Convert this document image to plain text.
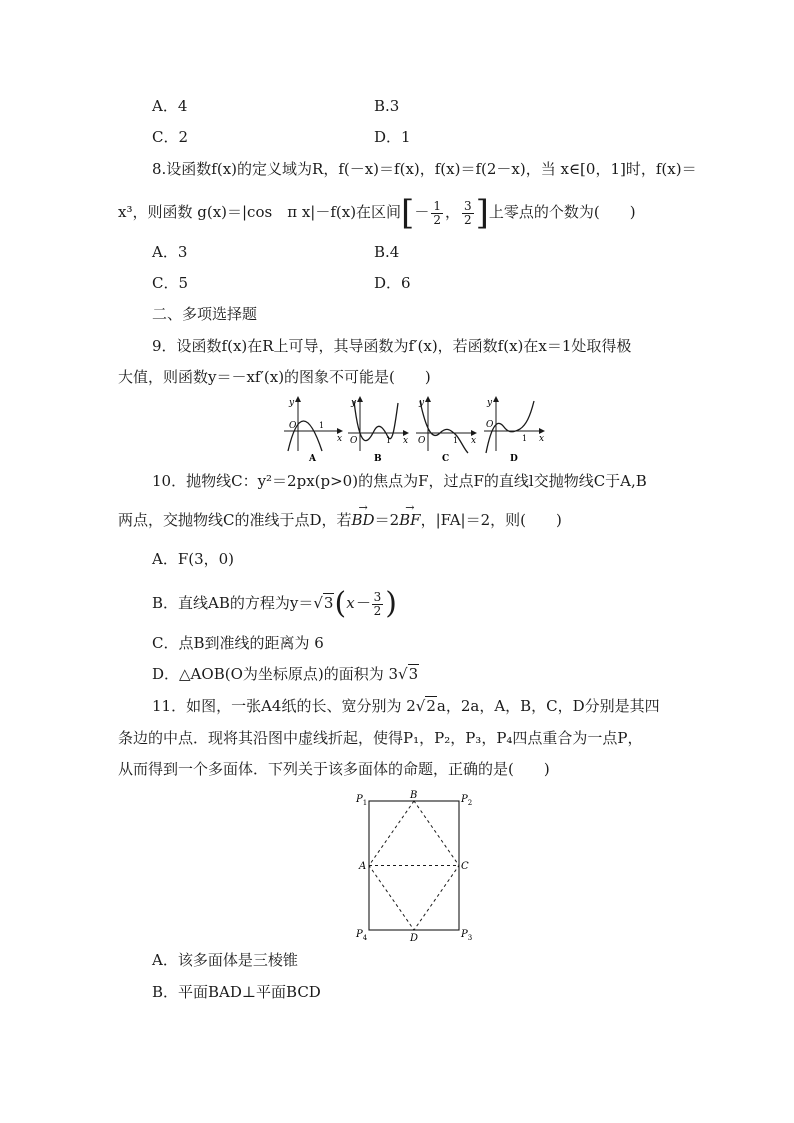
A．4	B.3
C．2	D．1
8.设函数f(x)的定义域为R，f(－x)＝f(x)，f(x)＝f(2－x)，当 x∈[0，1]时，f(x)＝
x³，则函数 g(x)＝|cos　π x|－f(x)在区间[－ $\frac{1}{2}$ ， $\frac{3}{2}$ ]上零点的个数为(　　)
A．3	B.4
C．5	D．6
二、多项选择题
9．设函数f(x)在R上可导，其导函数为f′(x)，若函数f(x)在x＝1处取得极
大值，则函数y＝－xf′(x)的图象不可能是(　　)
y
x
O	1
A
y
x
O	1
B
y
x
O	1
C
y
x
O
1
D
10．抛物线C：y²＝2px(p>0)的焦点为F，过点F的直线l交抛物线C于A,B
两点，交抛物线C的准线于点D，若→ BD＝2→ BF，|FA|＝2，则(　　)
A．F(3，0)
B．直线AB的方程为$y=√3(x- \frac{3}{2}$ )
C．点B到准线的距离为 6
D．△AOB(O为坐标原点)的面积为 3√3
11．如图，一张A4纸的长、宽分别为 2√2a，2a，A，B，C，D分别是其四
条边的中点．现将其沿图中虚线折起，使得P₁，P₂，P₃，P₄四点重合为一点P，
从而得到一个多面体．下列关于该多面体的命题，正确的是(　　)
$P_1$	$P_2$
$P_3$
$P_4$
B
A	C
D
A．该多面体是三棱锥
B．平面BAD⊥平面BCD
